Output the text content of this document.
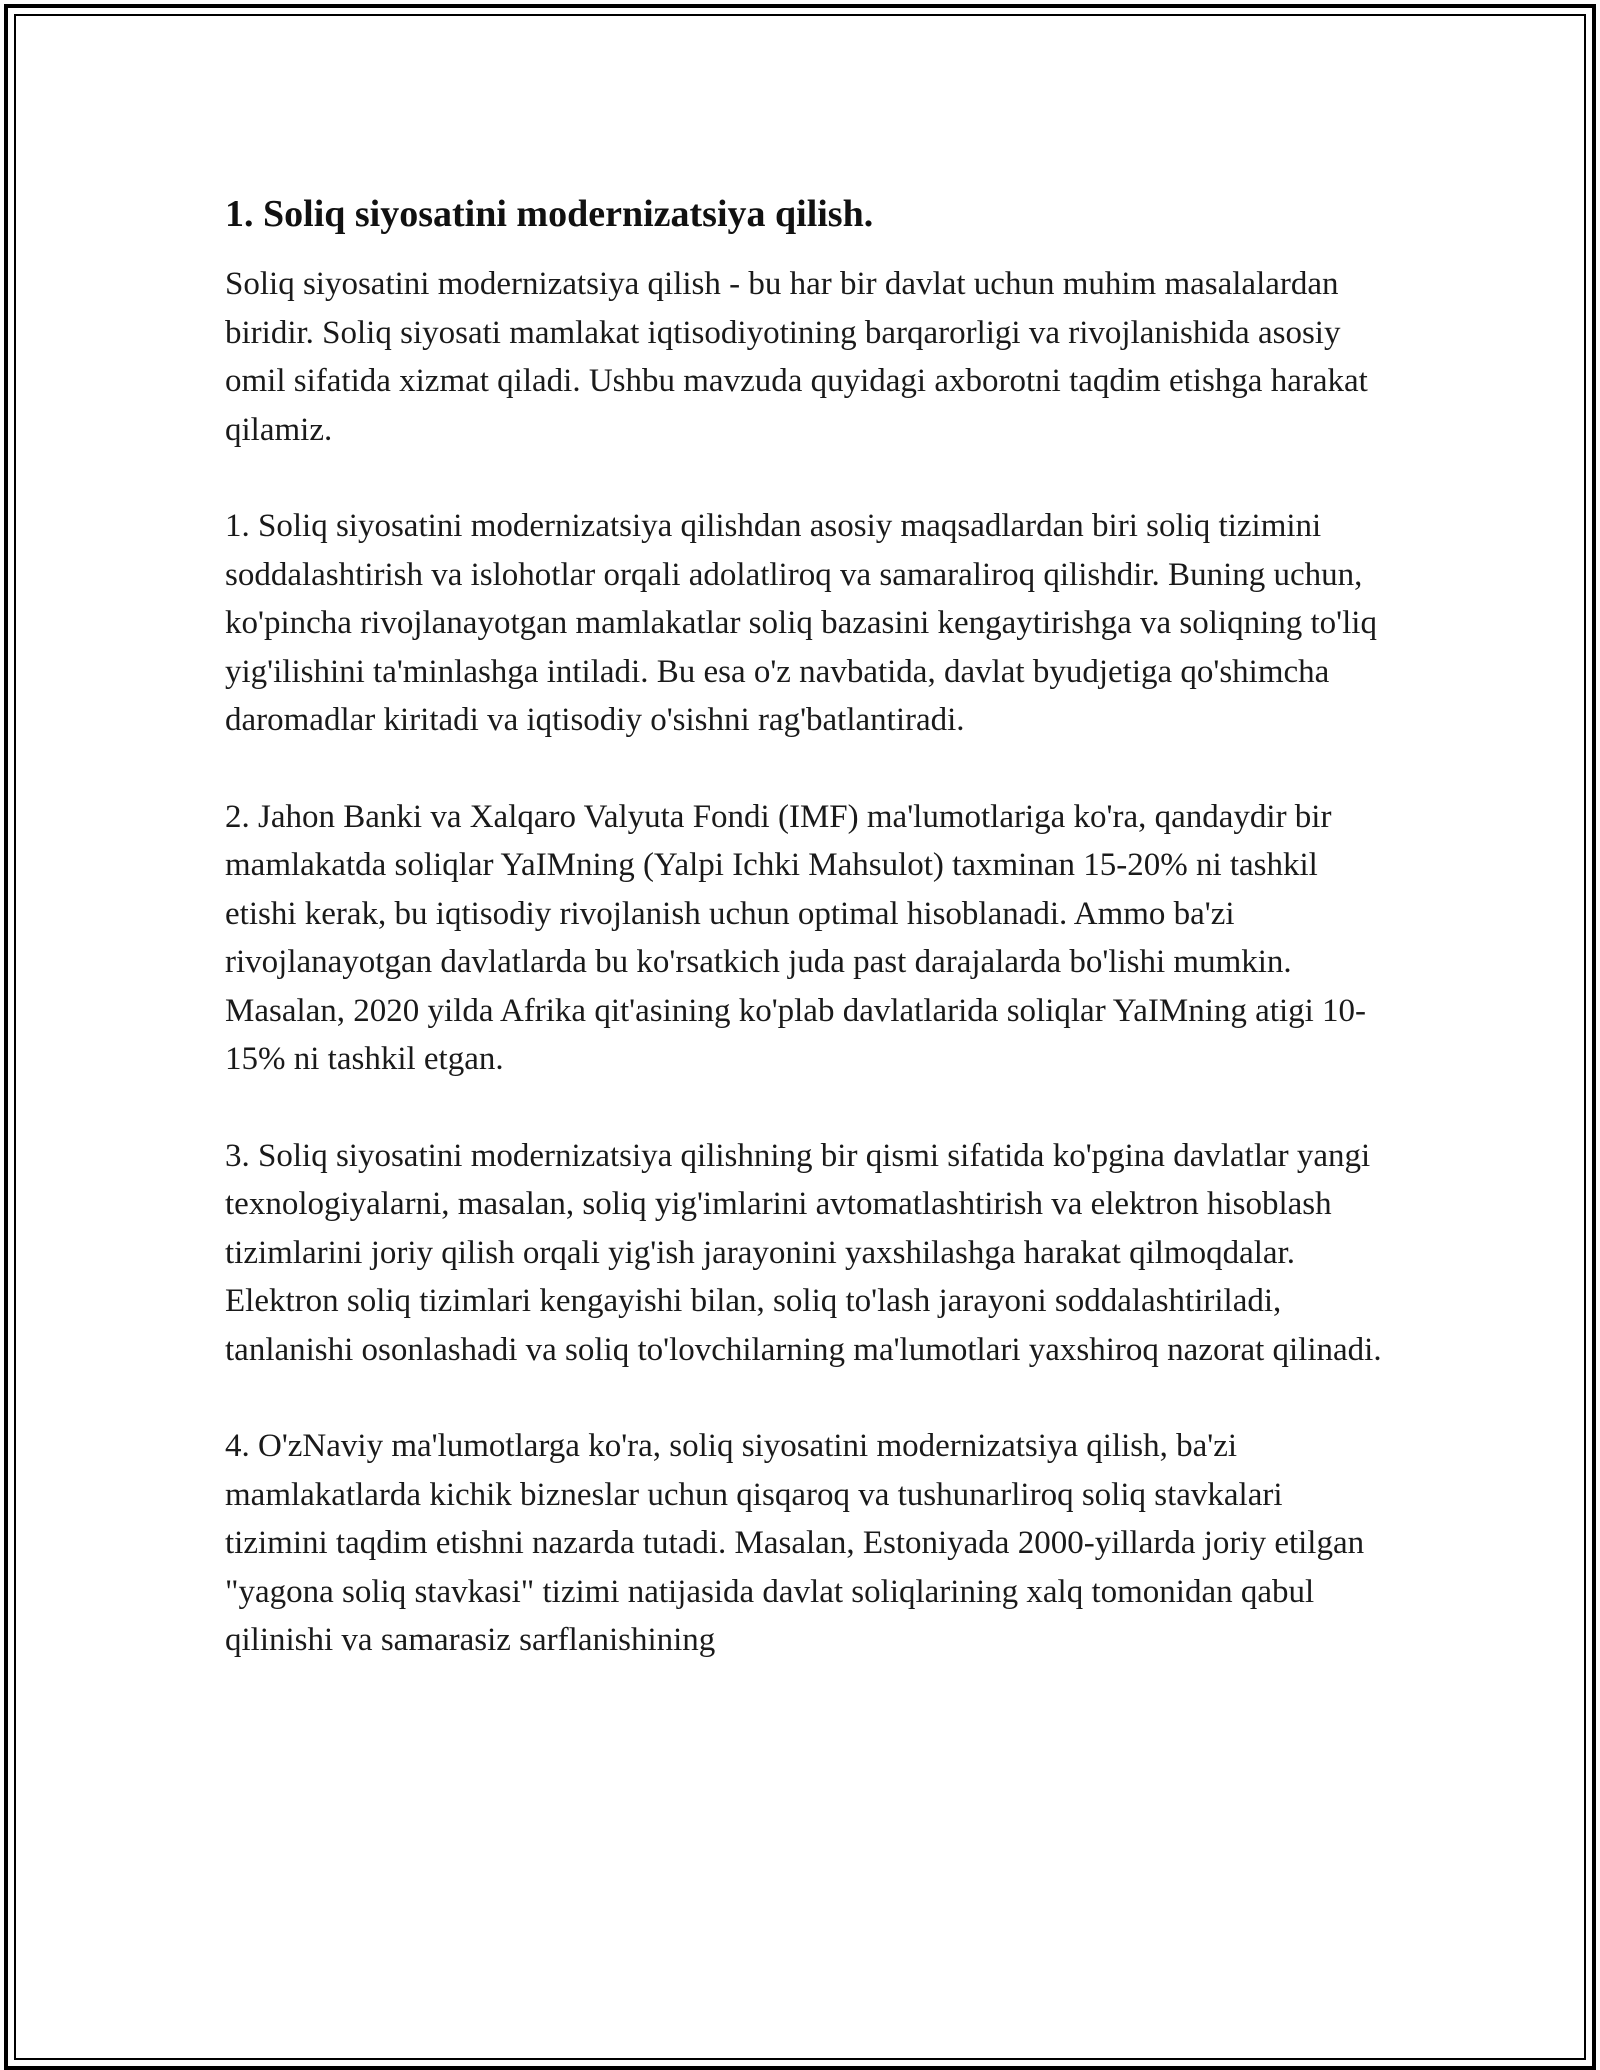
1. Soliq siyosatini modernizatsiya qilish.

Soliq siyosatini modernizatsiya qilish - bu har bir davlat uchun muhim masalalardan biridir. Soliq siyosati mamlakat iqtisodiyotining barqarorligi va rivojlanishida asosiy omil sifatida xizmat qiladi. Ushbu mavzuda quyidagi axborotni taqdim etishga harakat qilamiz.

1. Soliq siyosatini modernizatsiya qilishdan asosiy maqsadlardan biri soliq tizimini soddalashtirish va islohotlar orqali adolatliroq va samaraliroq qilishdir. Buning uchun, ko'pincha rivojlanayotgan mamlakatlar soliq bazasini kengaytirishga va soliqning to'liq yig'ilishini ta'minlashga intiladi. Bu esa o'z navbatida, davlat byudjetiga qo'shimcha daromadlar kiritadi va iqtisodiy o'sishni rag'batlantiradi.

2. Jahon Banki va Xalqaro Valyuta Fondi (IMF) ma'lumotlariga ko'ra, qandaydir bir mamlakatda soliqlar YaIMning (Yalpi Ichki Mahsulot) taxminan 15-20% ni tashkil etishi kerak, bu iqtisodiy rivojlanish uchun optimal hisoblanadi. Ammo ba'zi rivojlanayotgan davlatlarda bu ko'rsatkich juda past darajalarda bo'lishi mumkin. Masalan, 2020 yilda Afrika qit'asining ko'plab davlatlarida soliqlar YaIMning atigi 10-15% ni tashkil etgan.

3. Soliq siyosatini modernizatsiya qilishning bir qismi sifatida ko'pgina davlatlar yangi texnologiyalarni, masalan, soliq yig'imlarini avtomatlashtirish va elektron hisoblash tizimlarini joriy qilish orqali yig'ish jarayonini yaxshilashga harakat qilmoqdalar. Elektron soliq tizimlari kengayishi bilan, soliq to'lash jarayoni soddalashtiriladi, tanlanishi osonlashadi va soliq to'lovchilarning ma'lumotlari yaxshiroq nazorat qilinadi.

4. O'zNaviy ma'lumotlarga ko'ra, soliq siyosatini modernizatsiya qilish, ba'zi mamlakatlarda kichik bizneslar uchun qisqaroq va tushunarliroq soliq stavkalari tizimini taqdim etishni nazarda tutadi. Masalan, Estoniyada 2000-yillarda joriy etilgan "yagona soliq stavkasi" tizimi natijasida davlat soliqlarining xalq tomonidan qabul qilinishi va samarasiz sarflanishining
